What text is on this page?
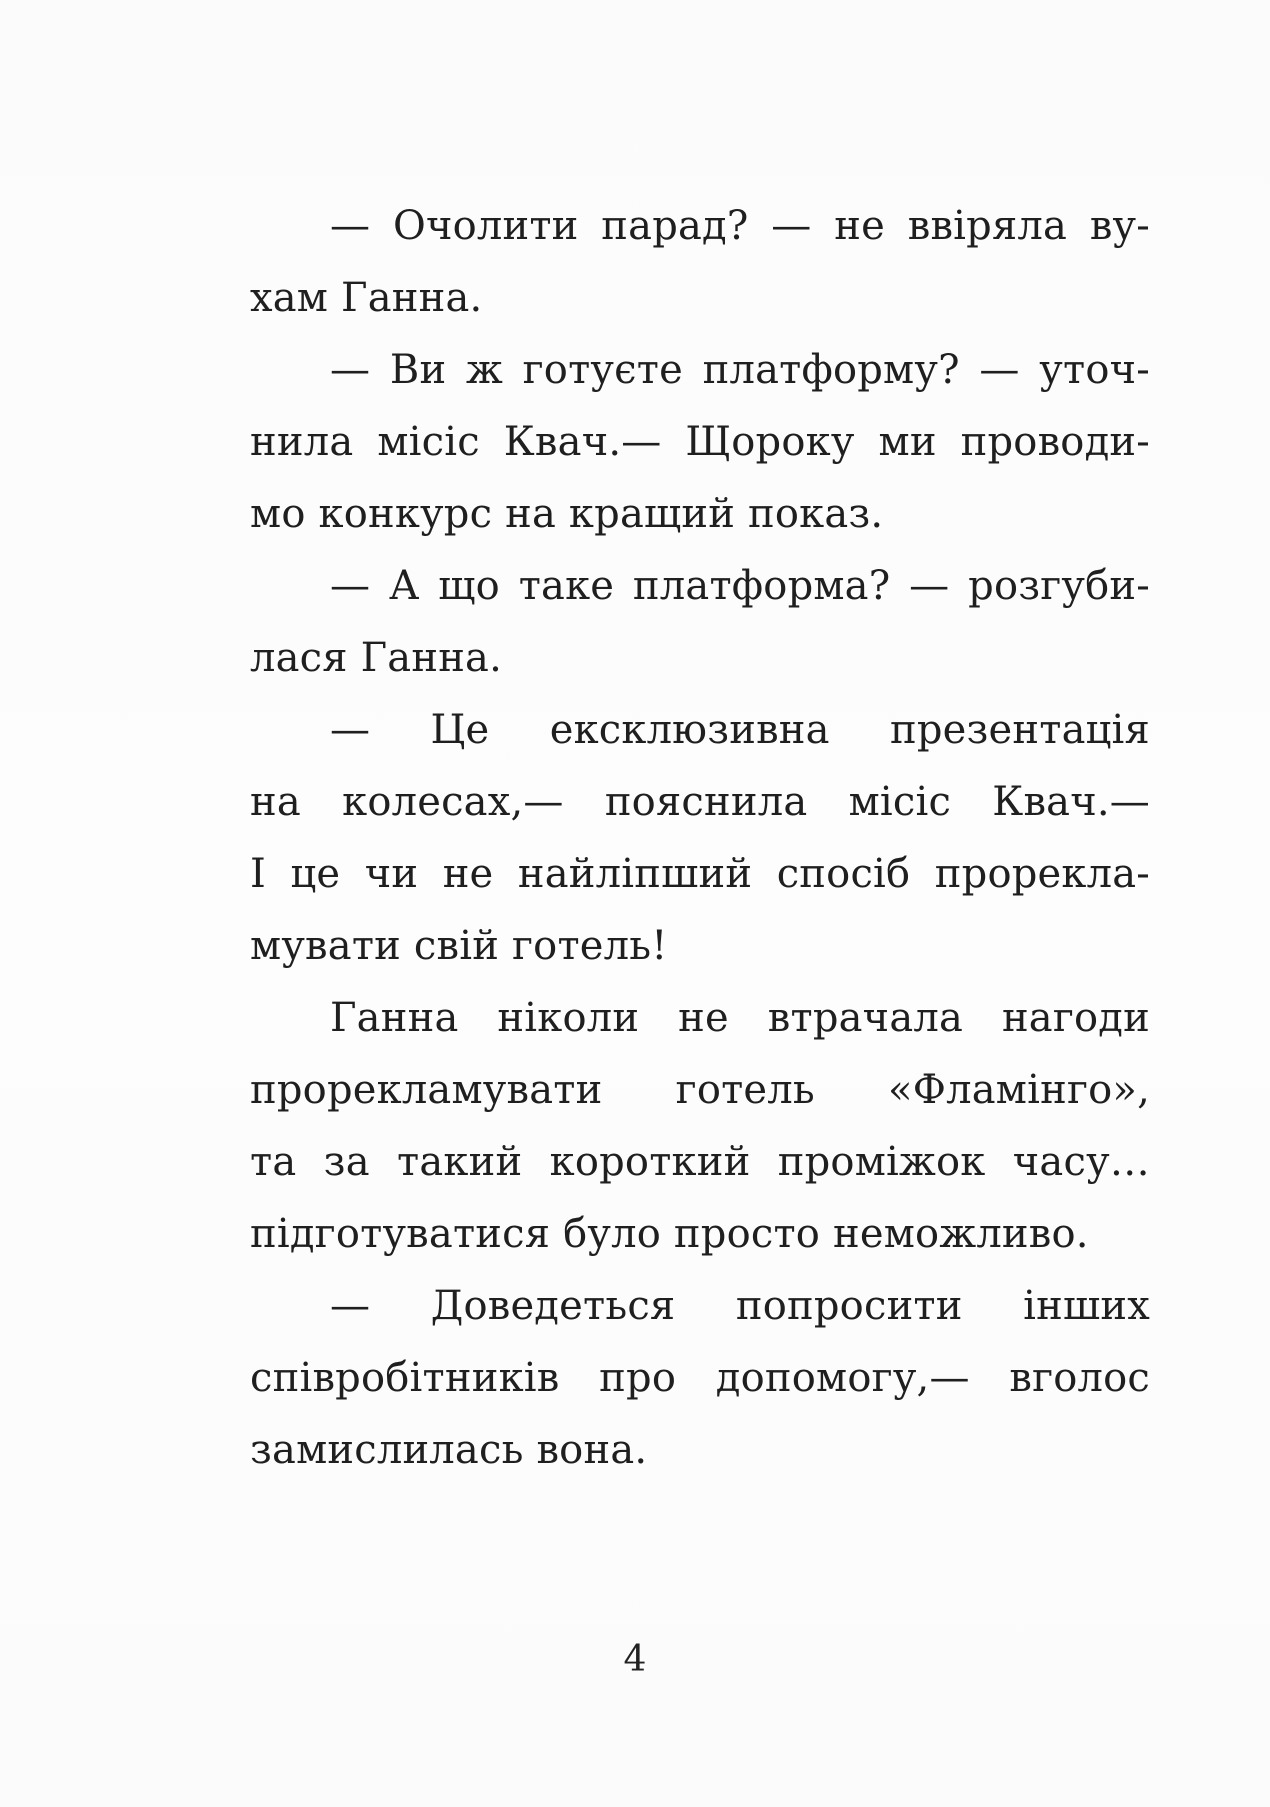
— Очолити парад? — не ввіряла ву-
хам Ганна.
— Ви ж готуєте платформу? — уточ-
нила місіс Квач.— Щороку ми проводи-
мо конкурс на кращий показ.
— А що таке платформа? — розгуби-
лася Ганна.
— Це ексклюзивна презентація
на колесах,— пояснила місіс Квач.—
І це чи не найліпший спосіб прорекла-
мувати свій готель!
Ганна ніколи не втрачала нагоди
прорекламувати готель «Фламінго»,
та за такий короткий проміжок часу…
підготуватися було просто неможливо.
— Доведеться попросити інших
співробітників про допомогу,— вголос
замислилась вона.
4
